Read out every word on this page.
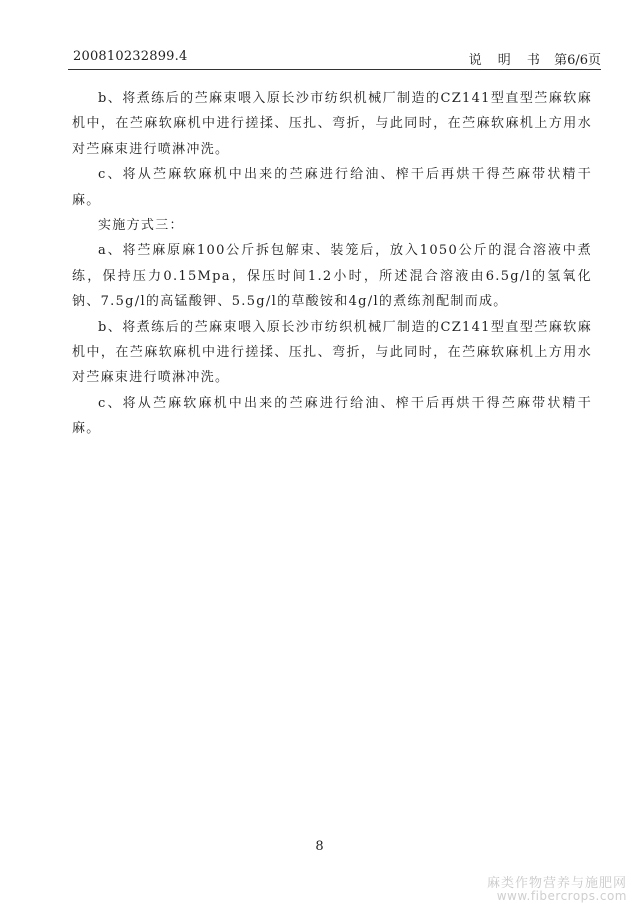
200810232899.4	说 明 书 第6/6页

b、将煮练后的苎麻束喂入原长沙市纺织机械厂制造的CZ141型直型苎麻软麻机中，在苎麻软麻机中进行搓揉、压扎、弯折，与此同时，在苎麻软麻机上方用水对苎麻束进行喷淋冲洗。

c、将从苎麻软麻机中出来的苎麻进行给油、榨干后再烘干得苎麻带状精干麻。

实施方式三：

a、将苎麻原麻100公斤拆包解束、装笼后，放入1050公斤的混合溶液中煮练，保持压力0.15Mpa，保压时间1.2小时，所述混合溶液由6.5g/l的氢氧化钠、7.5g/l的高锰酸钾、5.5g/l的草酸铵和4g/l的煮练剂配制而成。

b、将煮练后的苎麻束喂入原长沙市纺织机械厂制造的CZ141型直型苎麻软麻机中，在苎麻软麻机中进行搓揉、压扎、弯折，与此同时，在苎麻软麻机上方用水对苎麻束进行喷淋冲洗。

c、将从苎麻软麻机中出来的苎麻进行给油、榨干后再烘干得苎麻带状精干麻。

8
麻类作物营养与施肥网
www.fibercrops.com
